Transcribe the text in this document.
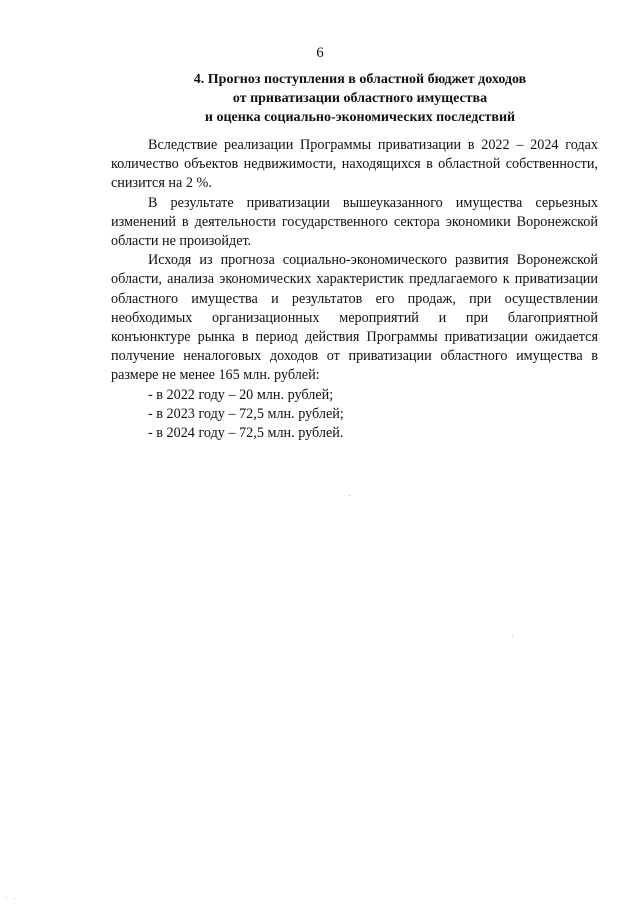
6
4. Прогноз поступления в областной бюджет доходов
от приватизации областного имущества
и оценка социально-экономических последствий

Вследствие реализации Программы приватизации в 2022 – 2024 годах количество объектов недвижимости, находящихся в областной собственности, снизится на 2 %.

В результате приватизации вышеуказанного имущества серьезных изменений в деятельности государственного сектора экономики Воронежской области не произойдет.

Исходя из прогноза социально-экономического развития Воронежской области, анализа экономических характеристик предлагаемого к приватизации областного имущества и результатов его продаж, при осуществлении необходимых организационных мероприятий и при благоприятной конъюнктуре рынка в период действия Программы приватизации ожидается получение неналоговых доходов от приватизации областного имущества в размере не менее 165 млн. рублей:

- в 2022 году – 20 млн. рублей;
- в 2023 году – 72,5 млн. рублей;
- в 2024 году – 72,5 млн. рублей.
